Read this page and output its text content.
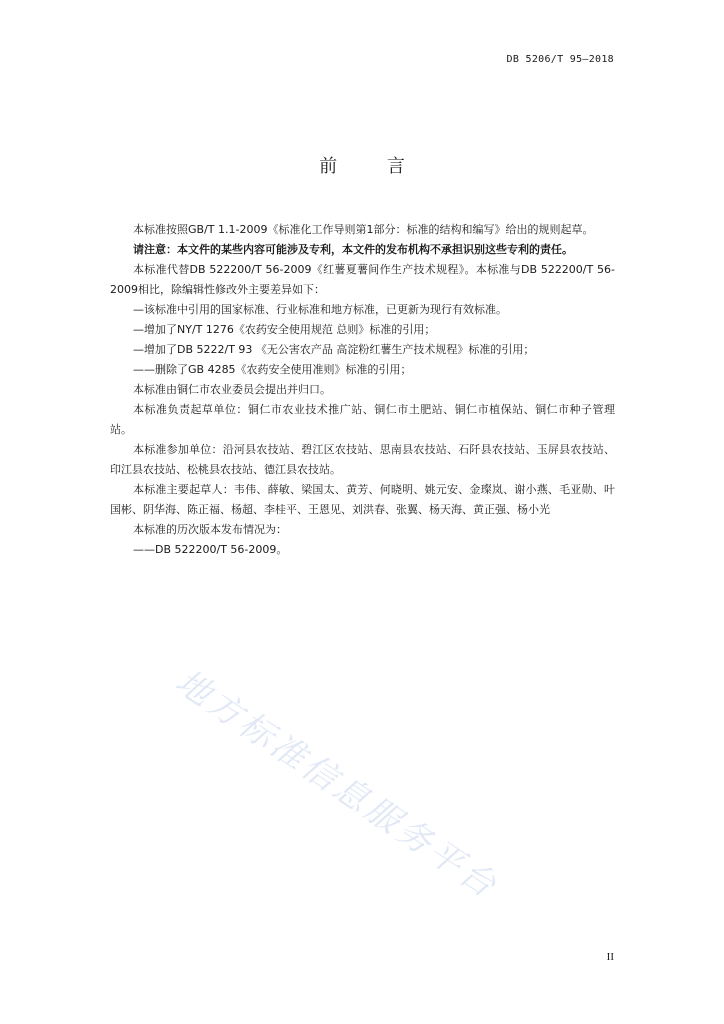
DB 5206/T 95—2018
前 言

本标准按照GB/T 1.1-2009《标准化工作导则第1部分：标准的结构和编写》给出的规则起草。

请注意：本文件的某些内容可能涉及专利，本文件的发布机构不承担识别这些专利的责任。

本标准代替DB 522200/T 56-2009《红薯夏薯间作生产技术规程》。本标准与DB 522200/T 56-2009相比，除编辑性修改外主要差异如下：

—该标准中引用的国家标准、行业标准和地方标准，已更新为现行有效标准。

—增加了NY/T 1276《农药安全使用规范 总则》标准的引用；

—增加了DB 5222/T 93 《无公害农产品 高淀粉红薯生产技术规程》标准的引用；

——删除了GB 4285《农药安全使用准则》标准的引用；

本标准由铜仁市农业委员会提出并归口。

本标准负责起草单位：铜仁市农业技术推广站、铜仁市土肥站、铜仁市植保站、铜仁市种子管理站。

本标准参加单位：沿河县农技站、碧江区农技站、思南县农技站、石阡县农技站、玉屏县农技站、印江县农技站、松桃县农技站、德江县农技站。

本标准主要起草人：韦伟、薛敏、梁国太、黄芳、何晓明、姚元安、金璨岚、谢小燕、毛亚勋、叶国彬、阴华海、陈正福、杨超、李桂平、王恩见、刘洪春、张翼、杨天海、黄正强、杨小光

本标准的历次版本发布情况为：

——DB 522200/T 56-2009。

地方标准信息服务平台
II
